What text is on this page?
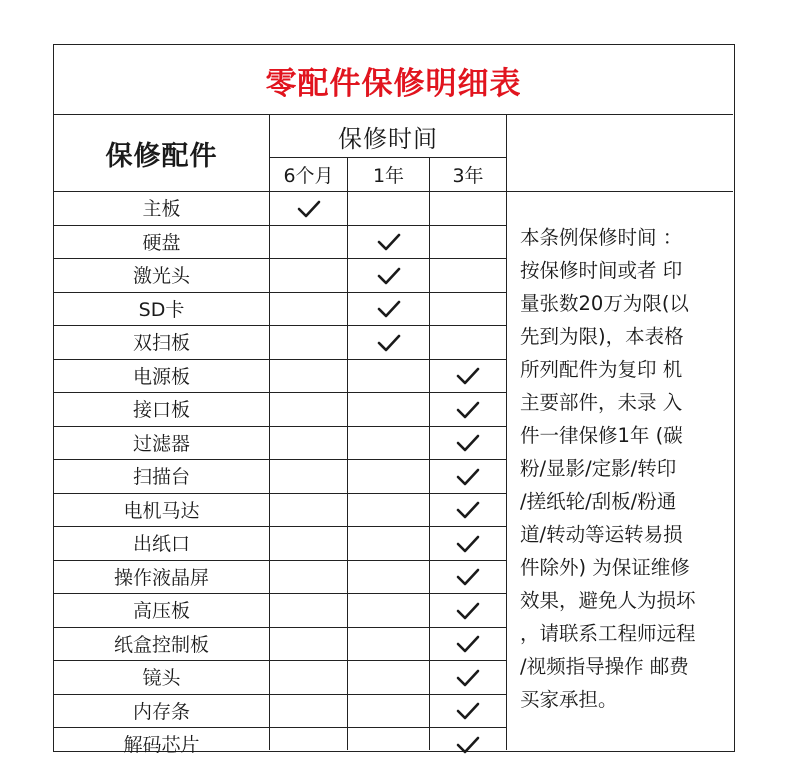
零配件保修明细表
保修配件
保修时间
6个月	1年	3年
主板
硬盘
激光头
SD卡
双扫板
电源板
接口板
过滤器
扫描台
电机马达
出纸口
操作液晶屏
高压板
纸盒控制板
镜头
内存条
解码芯片
本条例保修时间 ：
按保修时间或者 印
量张数20万为限(以
先到为限)，本表格
所列配件为复印 机
主要部件，未录 入
件一律保修1年 (碳
粉/显影/定影/转印
/搓纸轮/刮板/粉通
道/转动等运转易损
件除外) 为保证维修
效果，避免人为损坏
，请联系工程师远程
/视频指导操作 邮费
买家承担。
